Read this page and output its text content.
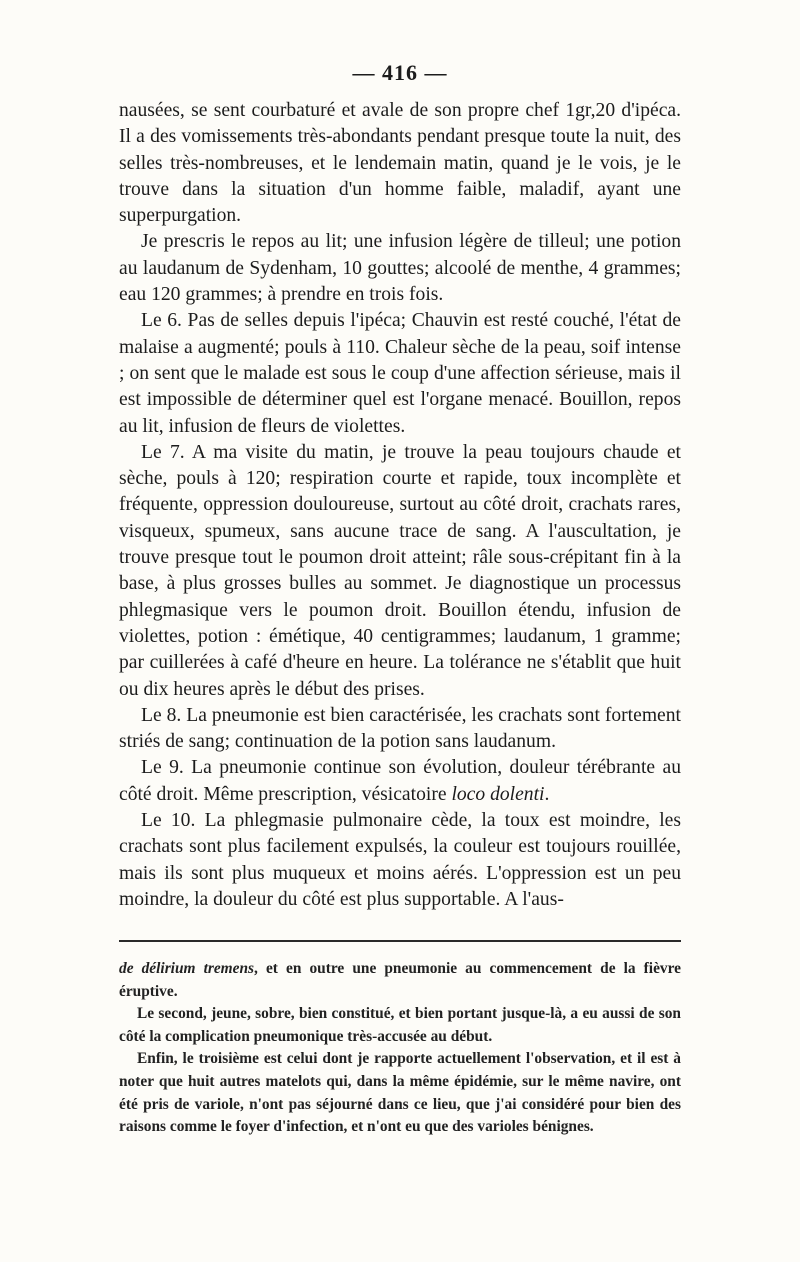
— 416 —

nausées, se sent courbaturé et avale de son propre chef 1gr,20 d'ipéca. Il a des vomissements très-abondants pendant presque toute la nuit, des selles très-nombreuses, et le lendemain matin, quand je le vois, je le trouve dans la situation d'un homme faible, maladif, ayant une superpurgation.

Je prescris le repos au lit; une infusion légère de tilleul; une potion au laudanum de Sydenham, 10 gouttes; alcoolé de menthe, 4 grammes; eau 120 grammes; à prendre en trois fois.

Le 6. Pas de selles depuis l'ipéca; Chauvin est resté couché, l'état de malaise a augmenté; pouls à 110. Chaleur sèche de la peau, soif intense ; on sent que le malade est sous le coup d'une affection sérieuse, mais il est impossible de déterminer quel est l'organe menacé. Bouillon, repos au lit, infusion de fleurs de violettes.

Le 7. A ma visite du matin, je trouve la peau toujours chaude et sèche, pouls à 120; respiration courte et rapide, toux incomplète et fréquente, oppression douloureuse, surtout au côté droit, crachats rares, visqueux, spumeux, sans aucune trace de sang. A l'auscultation, je trouve presque tout le poumon droit atteint; râle sous-crépitant fin à la base, à plus grosses bulles au sommet. Je diagnostique un processus phlegmasique vers le poumon droit. Bouillon étendu, infusion de violettes, potion : émétique, 40 centigrammes; laudanum, 1 gramme; par cuillerées à café d'heure en heure. La tolérance ne s'établit que huit ou dix heures après le début des prises.

Le 8. La pneumonie est bien caractérisée, les crachats sont fortement striés de sang; continuation de la potion sans laudanum.

Le 9. La pneumonie continue son évolution, douleur térébrante au côté droit. Même prescription, vésicatoire loco dolenti.

Le 10. La phlegmasie pulmonaire cède, la toux est moindre, les crachats sont plus facilement expulsés, la couleur est toujours rouillée, mais ils sont plus muqueux et moins aérés. L'oppression est un peu moindre, la douleur du côté est plus supportable. A l'aus-

de délirium tremens, et en outre une pneumonie au commencement de la fièvre éruptive.

Le second, jeune, sobre, bien constitué, et bien portant jusque-là, a eu aussi de son côté la complication pneumonique très-accusée au début.

Enfin, le troisième est celui dont je rapporte actuellement l'observation, et il est à noter que huit autres matelots qui, dans la même épidémie, sur le même navire, ont été pris de variole, n'ont pas séjourné dans ce lieu, que j'ai considéré pour bien des raisons comme le foyer d'infection, et n'ont eu que des varioles bénignes.
